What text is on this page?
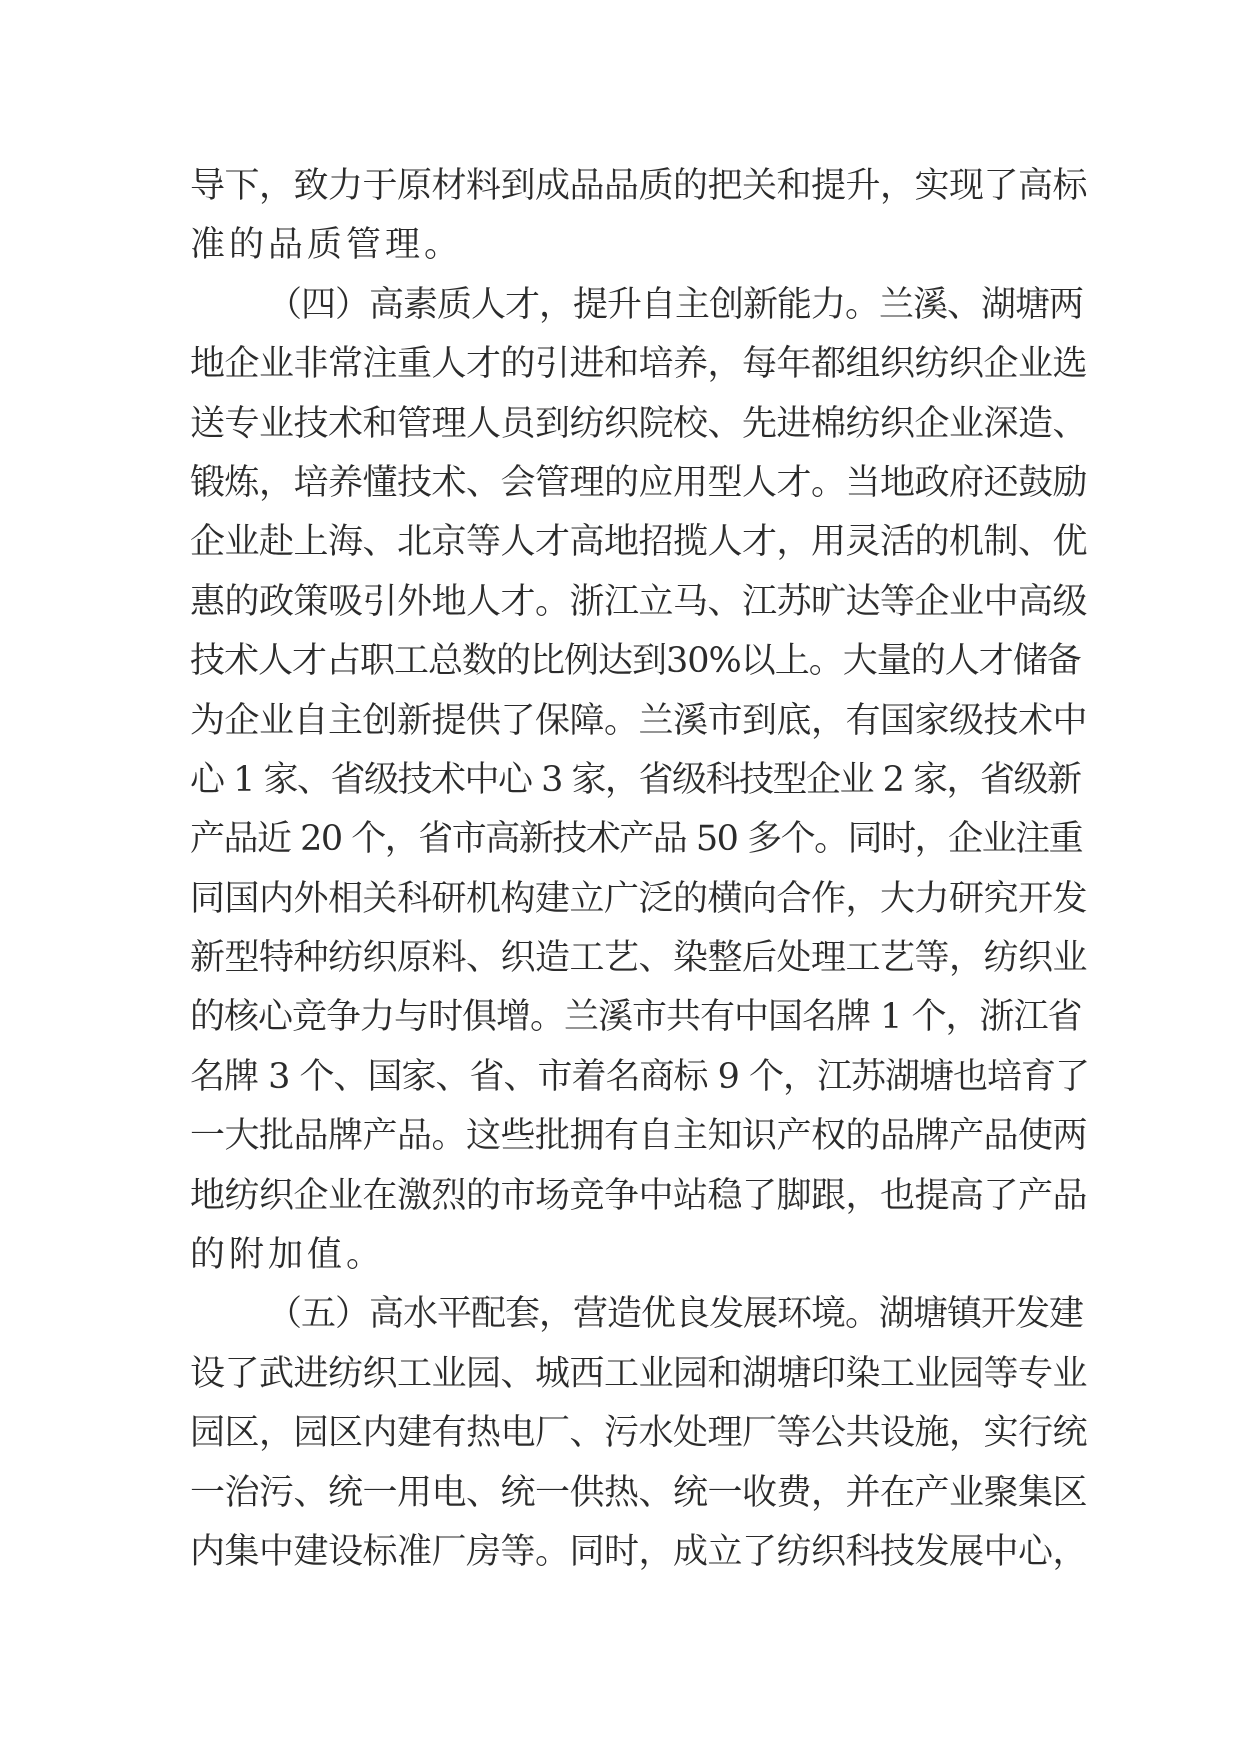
导下，致力于原材料到成品品质的把关和提升，实现了高标
准的品质管理。
（四）高素质人才，提升自主创新能力。兰溪、湖塘两
地企业非常注重人才的引进和培养，每年都组织纺织企业选
送专业技术和管理人员到纺织院校、先进棉纺织企业深造、
锻炼，培养懂技术、会管理的应用型人才。当地政府还鼓励
企业赴上海、北京等人才高地招揽人才，用灵活的机制、优
惠的政策吸引外地人才。浙江立马、江苏旷达等企业中高级
技术人才占职工总数的比例达到30%以上。大量的人才储备
为企业自主创新提供了保障。兰溪市到底，有国家级技术中
心 1 家、省级技术中心 3 家，省级科技型企业 2 家，省级新
产品近 20 个，省市高新技术产品 50 多个。同时，企业注重
同国内外相关科研机构建立广泛的横向合作，大力研究开发
新型特种纺织原料、织造工艺、染整后处理工艺等，纺织业
的核心竞争力与时俱增。兰溪市共有中国名牌 1 个，浙江省
名牌 3 个、国家、省、市着名商标 9 个，江苏湖塘也培育了
一大批品牌产品。这些批拥有自主知识产权的品牌产品使两
地纺织企业在激烈的市场竞争中站稳了脚跟，也提高了产品
的附加值。
（五）高水平配套，营造优良发展环境。湖塘镇开发建
设了武进纺织工业园、城西工业园和湖塘印染工业园等专业
园区，园区内建有热电厂、污水处理厂等公共设施，实行统
一治污、统一用电、统一供热、统一收费，并在产业聚集区
内集中建设标准厂房等。同时，成立了纺织科技发展中心，
